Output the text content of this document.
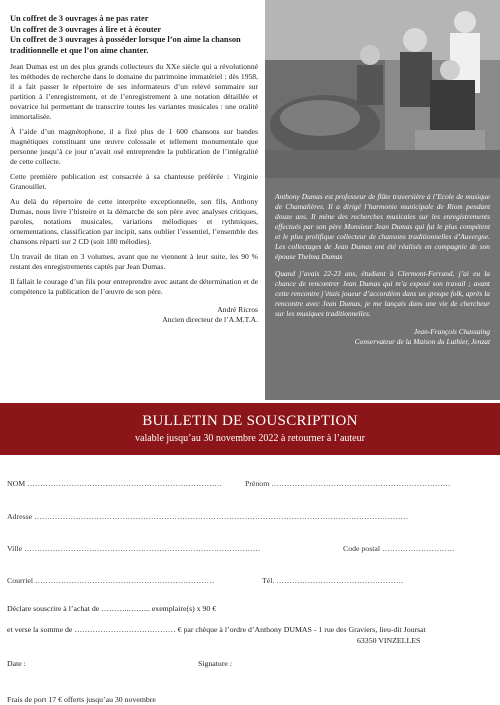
Un coffret de 3 ouvrages à ne pas rater
Un coffret de 3 ouvrages à lire et à écouter
Un coffret de 3 ouvrages à posséder lorsque l’on aime la chanson traditionnelle et que l’on aime chanter.

Jean Dumas est un des plus grands collecteurs du XXe siècle qui a révolutionné les méthodes de recherche dans le domaine du patrimoine immatériel : dès 1958, il a fait passer le répertoire de ses informateurs d’un relevé sommaire sur partition à l’enregistrement, et de l’enregistrement à une notation détaillée et novatrice lui permettant de transcrire toutes les variantes musicales : une oralité immortalisée.

À l’aide d’un magnétophone, il a fixé plus de 1 600 chansons sur bandes magnétiques constituant une œuvre colossale et tellement monumentale que personne jusqu’à ce jour n’avait osé entreprendre la publication de l’intégralité de cette collecte.

Cette première publication est consacrée à sa chanteuse préférée : Virginie Granouillet.

Au delà du répertoire de cette interprète exceptionnelle, son fils, Anthony Dumas, nous livre l’histoire et la démarche de son père avec analyses critiques, paroles, notations musicales, variations mélodiques et rythmiques, ornementations, classification par incipit, sans oublier l’essentiel, l’ensemble des chansons réparti sur 2 CD (soit 180 mélodies).

Un travail de titan en 3 volumes, avant que ne viennent à leur suite, les 90 % restant des enregistrements captés par Jean Dumas.

Il fallait le courage d’un fils pour entreprendre avec autant de détermination et de compétence la publication de l’œuvre de son père.

André Ricros
Ancien directeur de l’A.M.T.A.

Anthony Dumas est professeur de flûte traversière à l’Ecole de musique de Chamalières. Il a dirigé l’harmonie municipale de Riom pendant douze ans. Il mène des recherches musicales sur les enregistrements effectués par son père Monsieur Jean Dumas qui fut le plus compétent et le plus prolifique collecteur de chansons traditionnelles d’Auvergne. Les collectages de Jean Dumas ont été réalisés en compagnie de son épouse Thelma Dumas

Quand j’avais 22-23 ans, étudiant à Clermont-Ferrand, j’ai eu la chance de rencontrer Jean Dumas qui m’a exposé son travail ; avant cette rencontre j’étais joueur d’accordéon dans un groupe folk, après la rencontre avec Jean Dumas, je me lançais dans une vie de chercheur sur les musiques traditionnelles.

Jean-François Chassaing
Conservateur de la Maison du Luthier, Jenzat
BULLETIN DE SOUSCRIPTION
valable jusqu’au 30 novembre 2022 à retourner à l’auteur
NOM …………………………………………………………………	Prénom ……………………………………………………………
Adresse ………………………………………………………………………………………………………………………………
Ville ……………………………………………………………………………….	Code postal ……………………….
Courriel ……………………………………………………………	Tél. ………………………………………….
Déclare souscrire à l’achat de ………..……... exemplaire(s) x 90 €
et verse la somme de ………………………………… € par chèque à l’ordre d’Anthony DUMAS - 1 rue des Graviers, lieu-dit Joursat
63350 VINZELLES
Date :	Signature :
Frais de port 17 € offerts jusqu’au 30 novembre
